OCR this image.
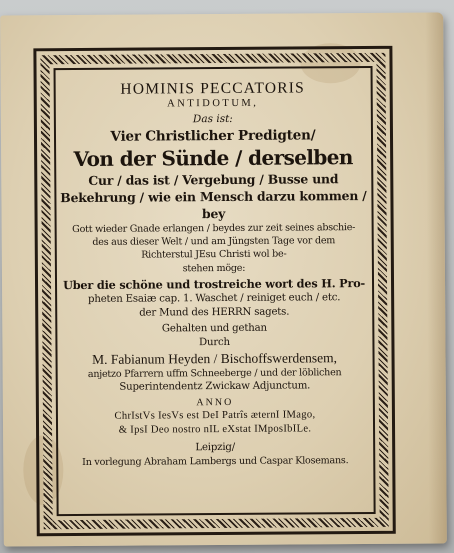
HOMINIS PECCATORIS
ANTIDOTUM,
Das ist:
Vier Christlicher Predigten/
Von der Sünde / derselben
Cur / das ist / Vergebung / Busse und
Bekehrung / wie ein Mensch darzu kommen / bey
Gott wieder Gnade erlangen / beydes zur zeit seines abschie-
des aus dieser Welt / und am Jüngsten Tage vor dem
Richterstul JEsu Christi wol be-
stehen möge:
Uber die schöne und trostreiche wort des H. Pro-
pheten Esaiæ cap. 1. Waschet / reiniget euch / etc.
der Mund des HERRN sagets.
Gehalten und gethan
Durch
M. Fabianum Heyden / Bischoffswerdensem,
anjetzo Pfarrern uffm Schneeberge / und der löblichen
Superintendentz Zwickaw Adjunctum.
ANNO
ChrIstVs IesVs est DeI Patrîs æternI IMago,
& IpsI Deo nostro nIL eXstat IMposIbILe.
Leipzig/
In vorlegung Abraham Lambergs und Caspar Klosemans.
